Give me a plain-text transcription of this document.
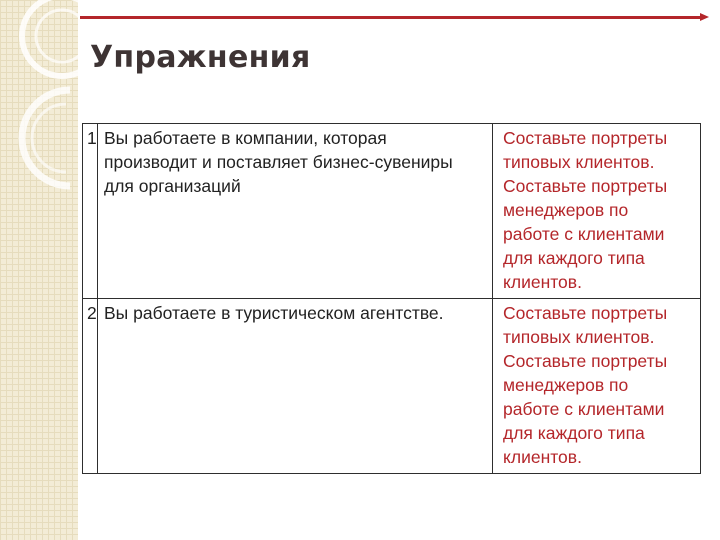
Упражнения
1	Вы работаете в компании, которая производит и поставляет бизнес-сувениры для организаций	Составьте портреты типовых клиентов. Составьте портреты менеджеров по работе с клиентами для каждого типа клиентов.

2	Вы работаете в туристическом агентстве.	Составьте портреты типовых клиентов. Составьте портреты менеджеров по работе с клиентами для каждого типа клиентов.
